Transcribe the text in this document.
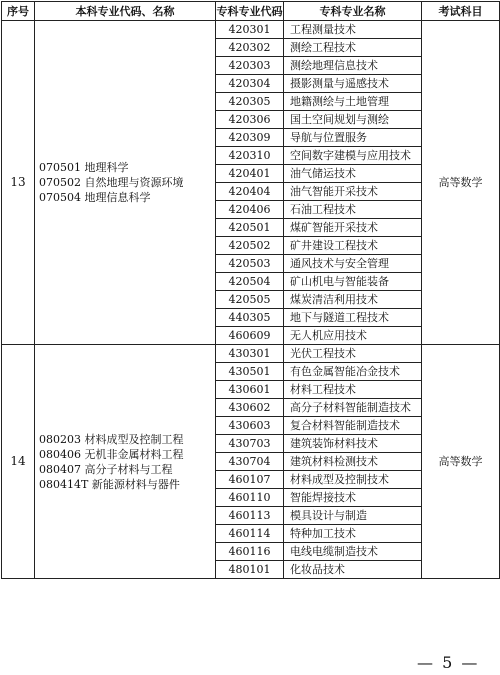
序号	本科专业代码、名称	专科专业代码	专科专业名称	考试科目
13	070501 地理科学
070502 自然地理与资源环境
070504 地理信息科学	420301	工程测量技术	高等数学
		420302	测绘工程技术	
		420303	测绘地理信息技术	
		420304	摄影测量与遥感技术	
		420305	地籍测绘与土地管理	
		420306	国土空间规划与测绘	
		420309	导航与位置服务	
		420310	空间数字建模与应用技术	
		420401	油气储运技术	
		420404	油气智能开采技术	
		420406	石油工程技术	
		420501	煤矿智能开采技术	
		420502	矿井建设工程技术	
		420503	通风技术与安全管理	
		420504	矿山机电与智能装备	
		420505	煤炭清洁利用技术	
		440305	地下与隧道工程技术	
		460609	无人机应用技术	
14	080203 材料成型及控制工程
080406 无机非金属材料工程
080407 高分子材料与工程
080414T 新能源材料与器件	430301	光伏工程技术	高等数学
		430501	有色金属智能冶金技术	
		430601	材料工程技术	
		430602	高分子材料智能制造技术	
		430603	复合材料智能制造技术	
		430703	建筑装饰材料技术	
		430704	建筑材料检测技术	
		460107	材料成型及控制技术	
		460110	智能焊接技术	
		460113	模具设计与制造	
		460114	特种加工技术	
		460116	电线电缆制造技术	
		480101	化妆品技术	
— 5 —
